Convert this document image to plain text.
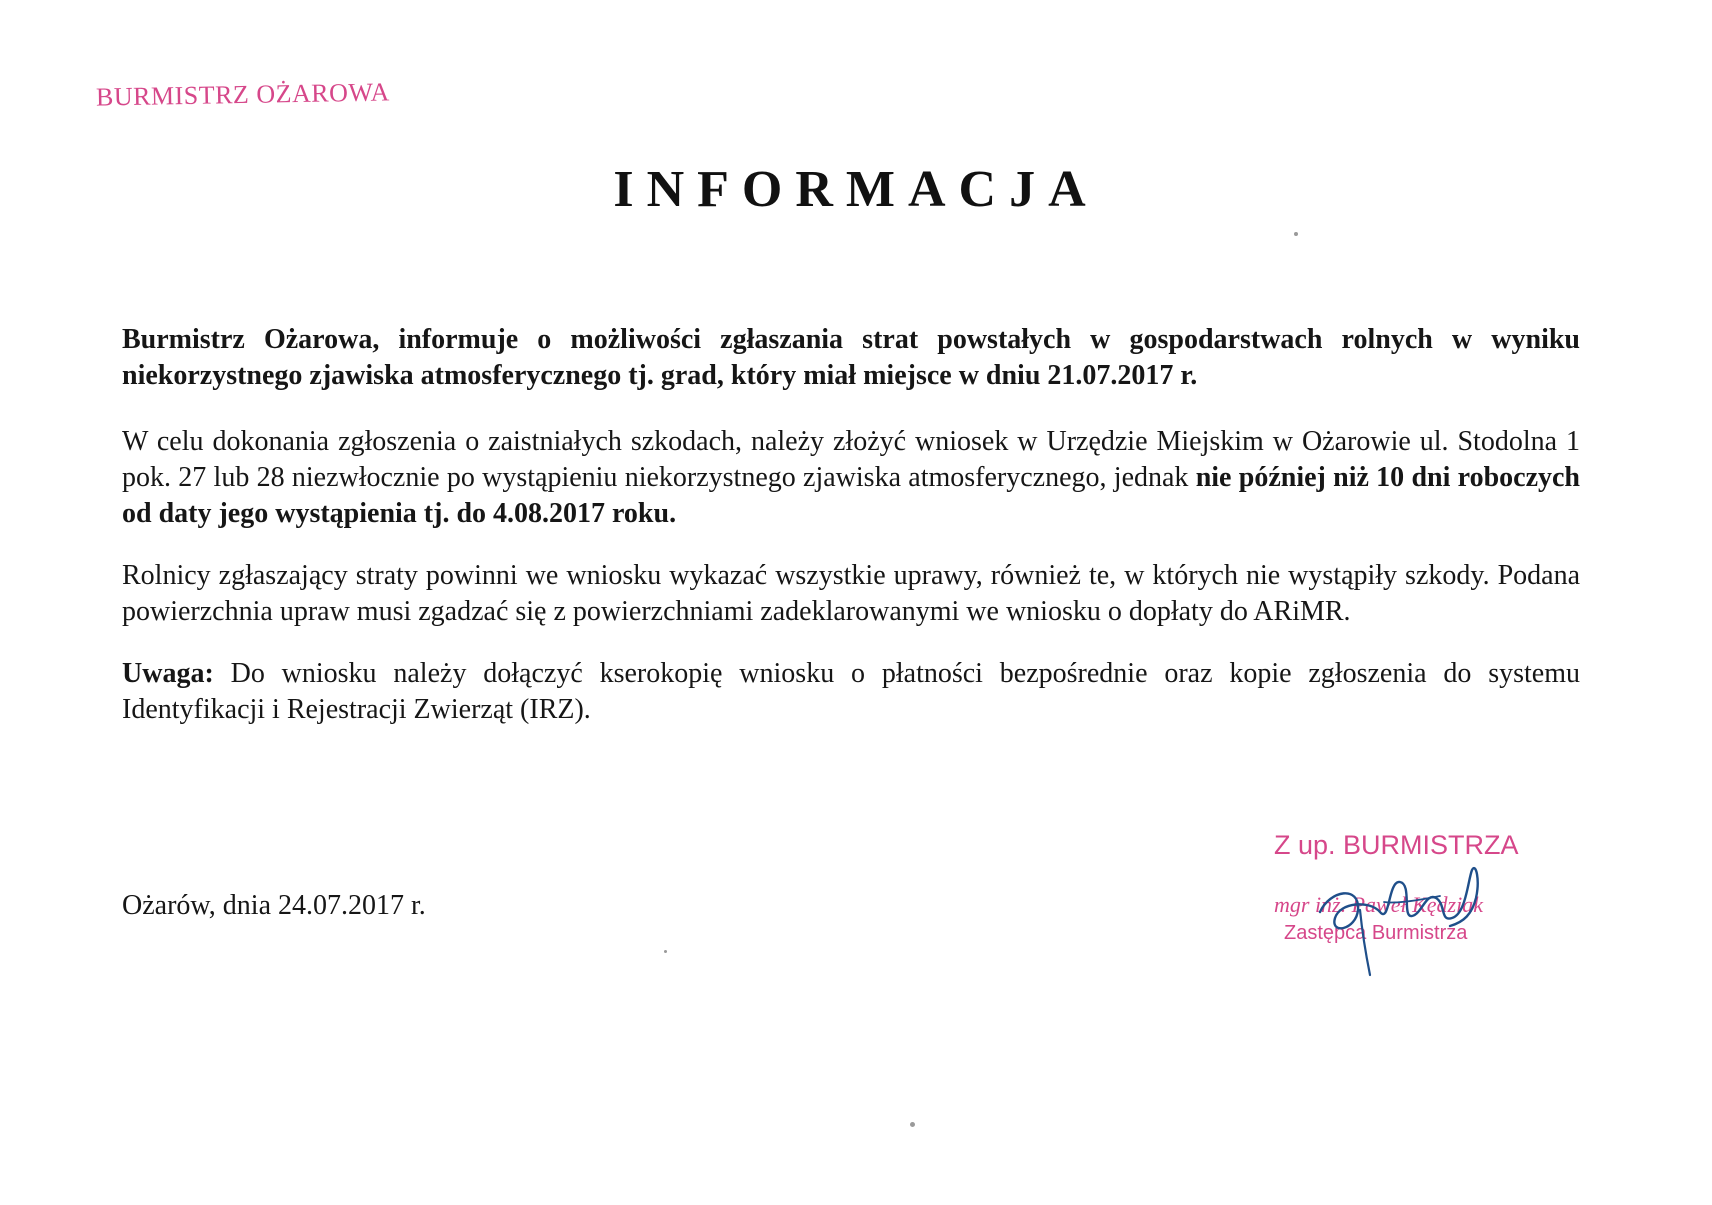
BURMISTRZ OŻAROWA
INFORMACJA

Burmistrz Ożarowa, informuje o możliwości zgłaszania strat powstałych w gospodarstwach rolnych w wyniku niekorzystnego zjawiska atmosferycznego tj. grad, który miał miejsce w dniu 21.07.2017 r.

W celu dokonania zgłoszenia o zaistniałych szkodach, należy złożyć wniosek w Urzędzie Miejskim w Ożarowie ul. Stodolna 1 pok. 27 lub 28 niezwłocznie po wystąpieniu niekorzystnego zjawiska atmosferycznego, jednak nie później niż 10 dni roboczych od daty jego wystąpienia tj. do 4.08.2017 roku.

Rolnicy zgłaszający straty powinni we wniosku wykazać wszystkie uprawy, również te, w których nie wystąpiły szkody. Podana powierzchnia upraw musi zgadzać się z powierzchniami zadeklarowanymi we wniosku o dopłaty do ARiMR.

Uwaga: Do wniosku należy dołączyć kserokopię wniosku o płatności bezpośrednie oraz kopie zgłoszenia do systemu Identyfikacji i Rejestracji Zwierząt (IRZ).

Ożarów, dnia 24.07.2017 r.
Z up. BURMISTRZA
mgr inż. Paweł Kędziak
Zastępca Burmistrza
